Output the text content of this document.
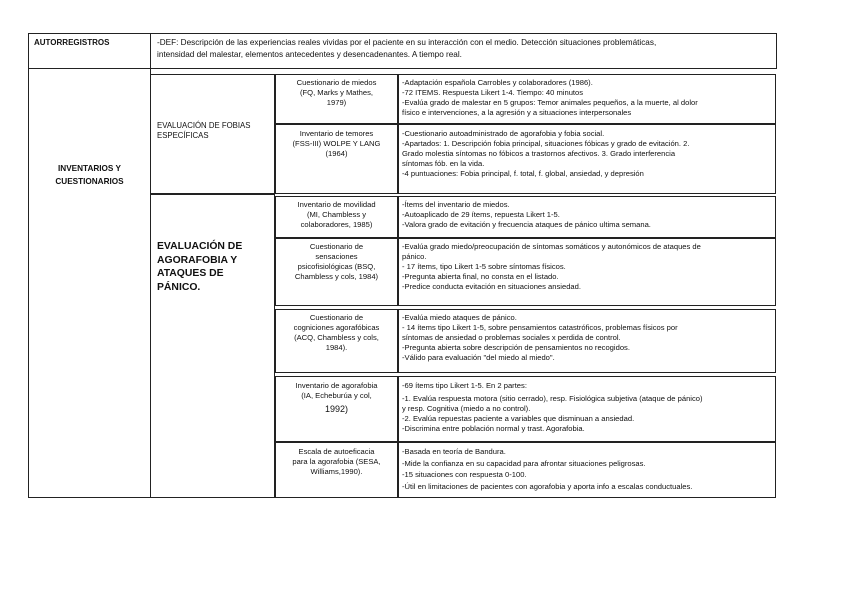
AUTORREGISTROS	-DEF: Descripción de las experiencias reales vividas por el paciente en su interacción con el medio. Detección situaciones problemáticas,
intensidad del malestar, elementos antecedentes y desencadenantes. A tiempo real.
INVENTARIOS Y
CUESTIONARIOS
EVALUACIÓN DE FOBIAS
ESPECÍFICAS
EVALUACIÓN DE
AGORAFOBIA Y
ATAQUES DE
PÁNICO.
Cuestionario de miedos
(FQ, Marks y Mathes,
1979)
-Adaptación española Carrobles y colaboradores (1986).
-72 ITEMS. Respuesta Likert 1-4. Tiempo: 40 minutos
-Evalúa grado de malestar en 5 grupos: Temor animales pequeños, a la muerte, al dolor
físico e intervenciones, a la agresión y a situaciones interpersonales
Inventario de temores
(FSS-III) WOLPE Y LANG
(1964)
-Cuestionario autoadministrado de agorafobia y fobia social.
-Apartados: 1. Descripción fobia principal, situaciones fóbicas y grado de evitación. 2.
Grado molestia síntomas no fóbicos a trastornos afectivos. 3. Grado interferencia
síntomas fób. en la vida.
-4 puntuaciones: Fobia principal, f. total, f. global, ansiedad, y depresión
Inventario de movilidad
(MI, Chambless y
colaboradores, 1985)
-Ítems del inventario de miedos.
-Autoaplicado de 29 ítems, repuesta Likert 1-5.
-Valora grado de evitación y frecuencia ataques de pánico ultima semana.
Cuestionario de
sensaciones
psicofisiológicas (BSQ,
Chambless y cols, 1984)
-Evalúa grado miedo/preocupación de síntomas somáticos y autonómicos de ataques de
pánico.
- 17 ítems, tipo Likert 1-5 sobre síntomas físicos.
-Pregunta abierta final, no consta en el listado.
-Predice conducta evitación en situaciones ansiedad.
Cuestionario de
cogniciones agorafóbicas
(ACQ, Chambless y cols,
1984).
-Evalúa miedo ataques de pánico.
- 14 ítems tipo Likert 1-5, sobre pensamientos catastróficos, problemas físicos por
síntomas de ansiedad o problemas sociales x perdida de control.
-Pregunta abierta sobre descripción de pensamientos no recogidos.
-Válido para evaluación "del miedo al miedo".
Inventario de agorafobia
(IA, Echeburúa y col,
1992)
-69 ítems tipo Likert 1-5. En 2 partes:
-1. Evalúa respuesta motora (sitio cerrado), resp. Fisiológica subjetiva (ataque de pánico)
y resp. Cognitiva (miedo a no control).
-2. Evalúa repuestas paciente a variables que disminuan a ansiedad.
-Discrimina entre población normal y trast. Agorafobia.
Escala de autoeficacia
para la agorafobia (SESA,
Williams,1990).
-Basada en teoría de Bandura.
-Mide la confianza en su capacidad para afrontar situaciones peligrosas.
-15 situaciones con respuesta 0-100.
-Útil en limitaciones de pacientes con agorafobia y aporta info a escalas conductuales.
